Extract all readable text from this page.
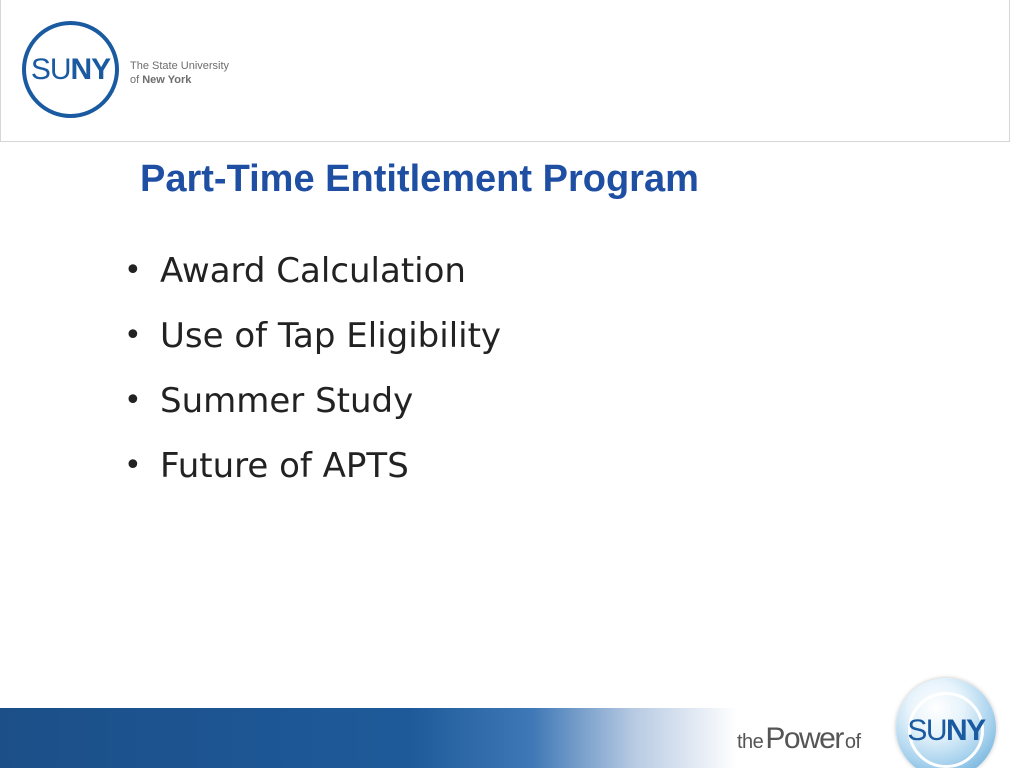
SUNY The State University
of New York
Part-Time Entitlement Program
• Award Calculation
• Use of Tap Eligibility
• Summer Study
• Future of APTS
the Power of	SUNY
